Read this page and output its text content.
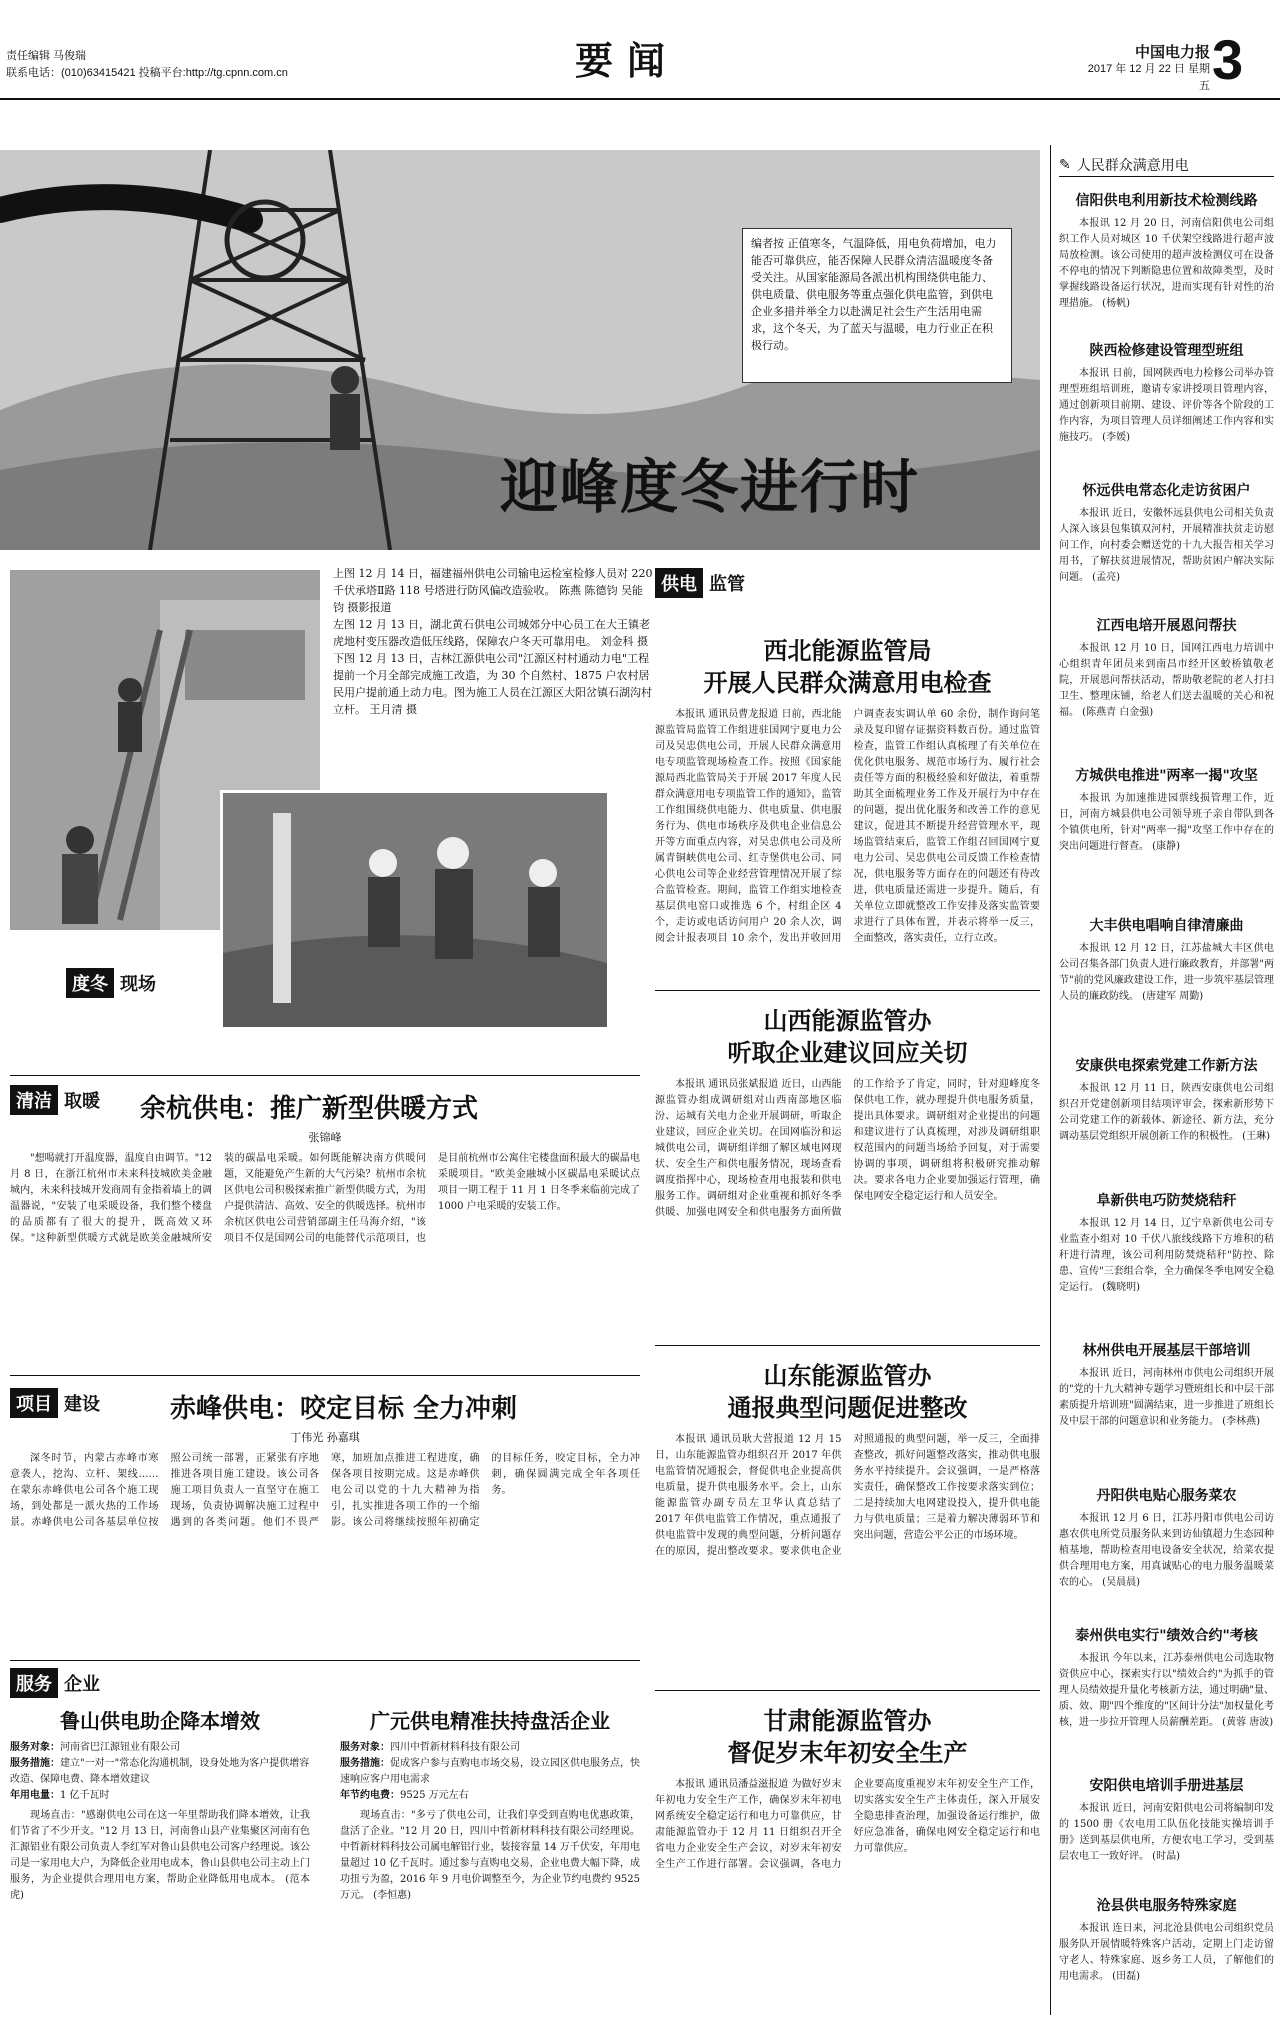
责任编辑 马俊瑞
联系电话：(010)63415421 投稿平台:http://tg.cpnn.com.cn	要闻	中国电力报
2017 年 12 月 22 日 星期五 3
编者按 正值寒冬，气温降低，用电负荷增加，电力能否可靠供应，能否保障人民群众清洁温暖度冬备受关注。从国家能源局各派出机构围绕供电能力、供电质量、供电服务等重点强化供电监管，到供电企业多措并举全力以赴满足社会生产生活用电需求，这个冬天，为了蓝天与温暖，电力行业正在积极行动。
迎峰度冬进行时
上图 12 月 14 日，福建福州供电公司输电运检室检修人员对 220 千伏承塔Ⅱ路 118 号塔进行防风偏改造验收。 陈燕 陈德钧 吴能钧 摄影报道
左图 12 月 13 日，湖北黄石供电公司城郊分中心员工在大王镇老虎地村变压器改造低压线路，保障农户冬天可靠用电。 刘金科 摄
下图 12 月 13 日，吉林江源供电公司"江源区村村通动力电"工程提前一个月全部完成施工改造，为 30 个自然村、1875 户农村居民用户提前通上动力电。图为施工人员在江源区大阳岔镇石湖沟村立杆。 王月清 摄
度冬 现场
供电 监管
西北能源监管局
开展人民群众满意用电检查
本报讯 通讯员曹龙报道 日前，西北能源监管局监管工作组进驻国网宁夏电力公司及吴忠供电公司，开展人民群众满意用电专项监管现场检查工作。按照《国家能源局西北监管局关于开展 2017 年度人民群众满意用电专项监管工作的通知》，监管工作组围绕供电能力、供电质量、供电服务行为、供电市场秩序及供电企业信息公开等方面重点内容，对吴忠供电公司及所属青铜峡供电公司、红寺堡供电公司、同心供电公司等企业经营管理情况开展了综合监管检查。期间，监管工作组实地检查基层供电窑口或推选 6 个，村组企区 4 个，走访或电话访问用户 20 余人次，调阅会计报表项目 10 余个，发出并收回用户调查表实调认单 60 余份，制作询问笔录及复印留存证据资料数百份。通过监管检查，监管工作组认真梳理了有关单位在优化供电服务、规范市场行为、履行社会责任等方面的积极经验和好做法，着重帮助其全面梳理业务工作及开展行为中存在的问题，提出优化服务和改善工作的意见建议，促进其不断提升经营管理水平，现场监管结束后，监管工作组召回国网宁夏电力公司、吴忠供电公司反馈工作检查情况，供电服务等方面存在的问题还有待改进，供电质量还需进一步提升。随后，有关单位立即就整改工作安排及落实监管要求进行了具体布置，并表示将举一反三，全面整改，落实责任，立行立改。
山西能源监管办
听取企业建议回应关切
本报讯 通讯员张斌报道 近日，山西能源监管办组成调研组对山西南部地区临汾、运城有关电力企业开展调研，听取企业建议，回应企业关切。在国网临汾和运城供电公司，调研组详细了解区域电网现状、安全生产和供电服务情况，现场查看调度指挥中心，现场检查用电报装和供电服务工作。调研组对企业重视和抓好冬季供暖、加强电网安全和供电服务方面所做的工作给予了肯定，同时，针对迎峰度冬保供电工作，就办理提升供电服务质量，提出具体要求。调研组对企业提出的问题和建议进行了认真梳理，对涉及调研组职权范围内的问题当场给予回复，对于需要协调的事项，调研组将积极研究推动解决。要求各电力企业要加强运行管理，确保电网安全稳定运行和人员安全。
山东能源监管办
通报典型问题促进整改
本报讯 通讯员耿大营报道 12 月 15 日，山东能源监管办组织召开 2017 年供电监管情况通报会，督促供电企业提高供电质量，提升供电服务水平。会上，山东能源监管办副专员左卫华认真总结了 2017 年供电监管工作情况，重点通报了供电监管中发现的典型问题，分析问题存在的原因，提出整改要求。要求供电企业对照通报的典型问题，举一反三，全面排查整改，抓好问题整改落实，推动供电服务水平持续提升。会议强调，一是严格落实责任，确保整改工作按要求落实到位；二是持续加大电网建设投入，提升供电能力与供电质量；三是着力解决薄弱环节和突出问题，营造公平公正的市场环境。
甘肃能源监管办
督促岁末年初安全生产
本报讯 通讯员潘益滋报道 为做好岁末年初电力安全生产工作，确保岁末年初电网系统安全稳定运行和电力可靠供应，甘肃能源监管办于 12 月 11 日组织召开全省电力企业安全生产会议，对岁末年初安全生产工作进行部署。会议强调，各电力企业要高度重视岁末年初安全生产工作，切实落实安全生产主体责任，深入开展安全隐患排查治理，加强设备运行维护，做好应急准备，确保电网安全稳定运行和电力可靠供应。
清洁 取暖	余杭供电：推广新型供暖方式
张锦峰
"想喝就打开温度器，温度自由调节。"12 月 8 日，在浙江杭州市未来科技城欧美金融城内，未来科技城开发商周有金指着墙上的调温器说，"安装了电采暖设备，我们整个楼盘的品质都有了很大的提升，既高效又环保。"这种新型供暖方式就是欧美金融城所安装的碳晶电采暖。如何既能解决南方供暖问题，又能避免产生新的大气污染？杭州市余杭区供电公司积极探索推广新型供暖方式，为用户提供清洁、高效、安全的供暖选择。杭州市余杭区供电公司营销部副主任马海介绍，"该项目不仅是国网公司的电能替代示范项目，也是目前杭州市公寓住宅楼盘面积最大的碳晶电采暖项目。"欧美金融城小区碳晶电采暖试点项目一期工程于 11 月 1 日冬季来临前完成了 1000 户电采暖的安装工作。
项目 建设	赤峰供电：咬定目标 全力冲刺
丁伟光 孙嘉琪
深冬时节，内蒙古赤峰市寒意袭人，挖沟、立杆、架线……在蒙东赤峰供电公司各个施工现场，到处都是一派火热的工作场景。赤峰供电公司各基层单位按照公司统一部署，正紧张有序地推进各项目施工建设。该公司各施工项目负责人一直坚守在施工现场，负责协调解决施工过程中遇到的各类问题。他们不畏严寒，加班加点推进工程进度，确保各项目按期完成。这是赤峰供电公司以党的十九大精神为指引，扎实推进各项工作的一个缩影。该公司将继续按照年初确定的目标任务，咬定目标，全力冲刺，确保圆满完成全年各项任务。
服务 企业
鲁山供电助企降本增效
服务对象：河南省巴江源钮业有限公司
服务措施：建立"一对一"常态化沟通机制，设身处地为客户提供增容改造、保障电费、降本增效建议
年用电量：1 亿千瓦时
现场直击："感谢供电公司在这一年里帮助我们降本增效，让我们节省了不少开支。"12 月 13 日，河南鲁山县产业集聚区河南有色汇源铝业有限公司负责人李红军对鲁山县供电公司客户经理说。该公司是一家用电大户，为降低企业用电成本，鲁山县供电公司主动上门服务，为企业提供合理用电方案，帮助企业降低用电成本。 (范本虎)
广元供电精准扶持盘活企业
服务对象：四川中哲新材料科技有限公司
服务措施：促成客户参与直购电市场交易，设立园区供电服务点，快速响应客户用电需求
年节约电费：9525 万元左右
现场直击："多亏了供电公司，让我们享受到直购电优惠政策，盘活了企业。"12 月 20 日，四川中哲新材料科技有限公司经理说。中哲新材料科技公司属电解铝行业，装接容量 14 万千伏安，年用电量超过 10 亿千瓦时。通过参与直购电交易，企业电费大幅下降，成功扭亏为盈，2016 年 9 月电价调整至今，为企业节约电费约 9525 万元。 (李恒惠)
✎ 人民群众满意用电
信阳供电利用新技术检测线路

本报讯 12 月 20 日，河南信阳供电公司组织工作人员对城区 10 千伏架空线路进行超声波局放检测。该公司使用的超声波检测仪可在设备不停电的情况下判断隐患位置和故障类型，及时掌握线路设备运行状况，进而实现有针对性的治理措施。 (杨帆)

陕西检修建设管理型班组

本报讯 日前，国网陕西电力检修公司举办管理型班组培训班，邀请专家讲授项目管理内容，通过创新项目前期、建设、评价等各个阶段的工作内容，为项目管理人员详细阐述工作内容和实施技巧。 (李媛)

怀远供电常态化走访贫困户

本报讯 近日，安徽怀远县供电公司相关负责人深入该县包集镇双河村，开展精准扶贫走访慰问工作，向村委会赠送党的十九大报告相关学习用书，了解扶贫进展情况，帮助贫困户解决实际问题。 (孟亮)

江西电培开展恩问帮扶

本报讯 12 月 10 日，国网江西电力培训中心组织青年团员来到南昌市经开区蛟桥镇敬老院，开展恩问帮扶活动，帮助敬老院的老人打扫卫生、整理床铺，给老人们送去温暖的关心和祝福。 (陈燕青 白金强)

方城供电推进"两率一揭"攻坚

本报讯 为加速推进园票线损管理工作，近日，河南方城县供电公司领导班子亲自带队到各个镇供电所，针对"两率一揭"攻坚工作中存在的突出问题进行督查。 (康静)

大丰供电唱响自律清廉曲

本报讯 12 月 12 日，江苏盐城大丰区供电公司召集各部门负责人进行廉政教育，并部署"两节"前的党风廉政建设工作，进一步筑牢基层管理人员的廉政防线。 (唐建军 周勤)

安康供电探索党建工作新方法

本报讯 12 月 11 日，陕西安康供电公司组织召开党建创新项目结项评审会，探索新形势下公司党建工作的新载体、新途径、新方法，充分调动基层党组织开展创新工作的积极性。 (王琳)

阜新供电巧防焚烧秸秆

本报讯 12 月 14 日，辽宁阜新供电公司专业监查小组对 10 千伏八旅线线路下方堆积的秸秆进行清理，该公司利用防焚烧秸秆"防控、除患、宣传"三套组合拳，全力确保冬季电网安全稳定运行。 (魏晓明)

林州供电开展基层干部培训

本报讯 近日，河南林州市供电公司组织开展的"党的十九大精神专题学习暨班组长和中层干部素质提升培训班"圆满结束，进一步推进了班组长及中层干部的问题意识和业务能力。 (李林燕)

丹阳供电贴心服务菜农

本报讯 12 月 6 日，江苏丹阳市供电公司访惠农供电所党员服务队来到访仙镇超力生态园种植基地，帮助检查用电设备安全状况，给菜农提供合理用电方案，用真诚贴心的电力服务温暖菜农的心。 (吴晨晨)

泰州供电实行"绩效合约"考核

本报讯 今年以来，江苏泰州供电公司选取物资供应中心，探索实行以"绩效合约"为抓手的管理人员绩效提升量化考核新方法，通过明确"量、质、效、期"四个维度的"区间计分法"加权量化考核，进一步拉开管理人员薪酬差距。 (黄蓉 唐波)

安阳供电培训手册进基层

本报讯 近日，河南安阳供电公司将编制印发的 1500 册《农电用工队伍化技能实操培训手册》送到基层供电所，方便农电工学习，受到基层农电工一致好评。 (时晶)

沧县供电服务特殊家庭

本报讯 连日来，河北沧县供电公司组织党员服务队开展情暖特殊客户活动，定期上门走访留守老人、特殊家庭、返乡务工人员，了解他们的用电需求。 (田磊)
